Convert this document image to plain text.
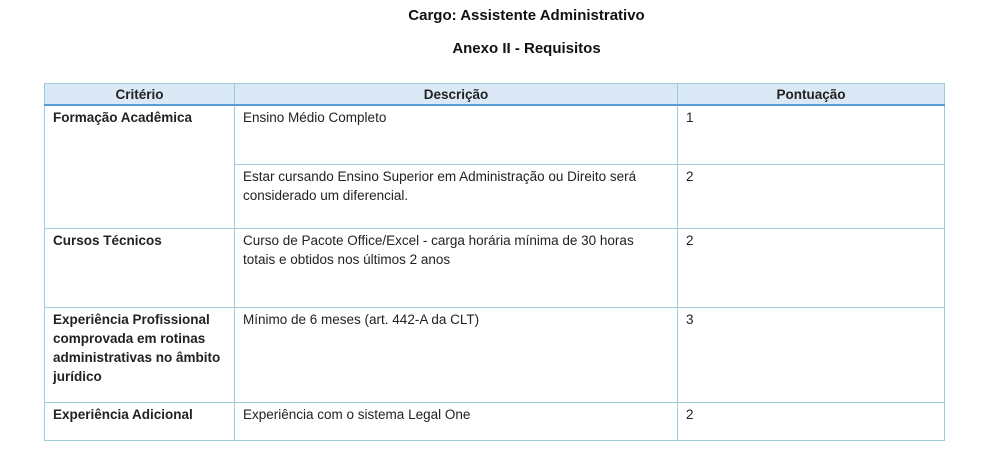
Cargo: Assistente Administrativo
Anexo II - Requisitos
Critério	Descrição	Pontuação
Formação Acadêmica	Ensino Médio Completo	1
	Estar cursando Ensino Superior em Administração ou Direito será considerado um diferencial.	2
Cursos Técnicos	Curso de Pacote Office/Excel - carga horária mínima de 30 horas totais e obtidos nos últimos 2 anos	2
Experiência Profissional comprovada em rotinas administrativas no âmbito jurídico	Mínimo de 6 meses (art. 442-A da CLT)	3
Experiência Adicional	Experiência com o sistema Legal One	2
